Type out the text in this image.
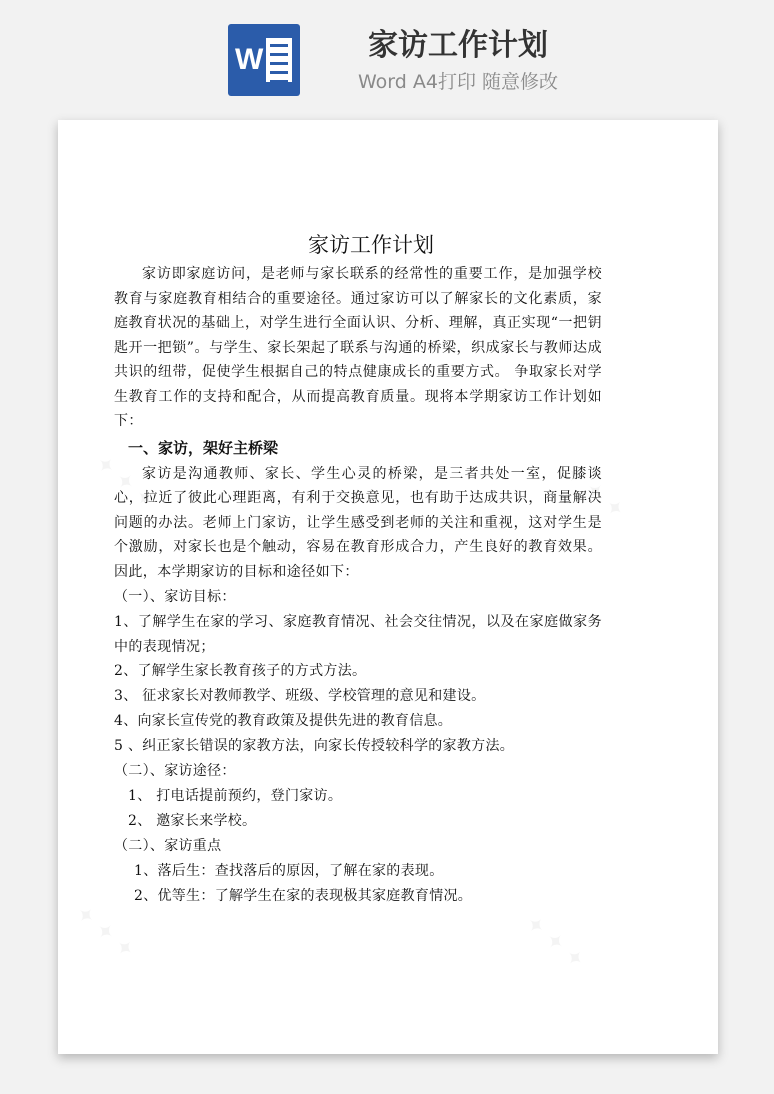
W	家访工作计划
Word A4打印 随意修改
家访工作计划
家访即家庭访问，是老师与家长联系的经常性的重要工作，是加强学校教育与家庭教育相结合的重要途径。通过家访可以了解家长的文化素质，家庭教育状况的基础上，对学生进行全面认识、分析、理解，真正实现“一把钥匙开一把锁”。与学生、家长架起了联系与沟通的桥梁，织成家长与教师达成共识的纽带，促使学生根据自己的特点健康成长的重要方式。 争取家长对学生教育工作的支持和配合，从而提高教育质量。现将本学期家访工作计划如下：
一、家访，架好主桥梁
家访是沟通教师、家长、学生心灵的桥梁，是三者共处一室，促膝谈心，拉近了彼此心理距离，有利于交换意见，也有助于达成共识，商量解决问题的办法。老师上门家访，让学生感受到老师的关注和重视，这对学生是个激励，对家长也是个触动，容易在教育形成合力，产生良好的教育效果。因此，本学期家访的目标和途径如下：
（一）、家访目标：
1、了解学生在家的学习、家庭教育情况、社会交往情况，以及在家庭做家务中的表现情况；
2、了解学生家长教育孩子的方式方法。
3、 征求家长对教师教学、班级、学校管理的意见和建设。
4、向家长宣传党的教育政策及提供先进的教育信息。
5 、纠正家长错误的家教方法，向家长传授较科学的家教方法。
（二）、家访途径：
1、 打电话提前预约，登门家访。
2、 邀家长来学校。
（二）、家访重点
1、落后生：查找落后的原因，了解在家的表现。
2、优等生：了解学生在家的表现极其家庭教育情况。
